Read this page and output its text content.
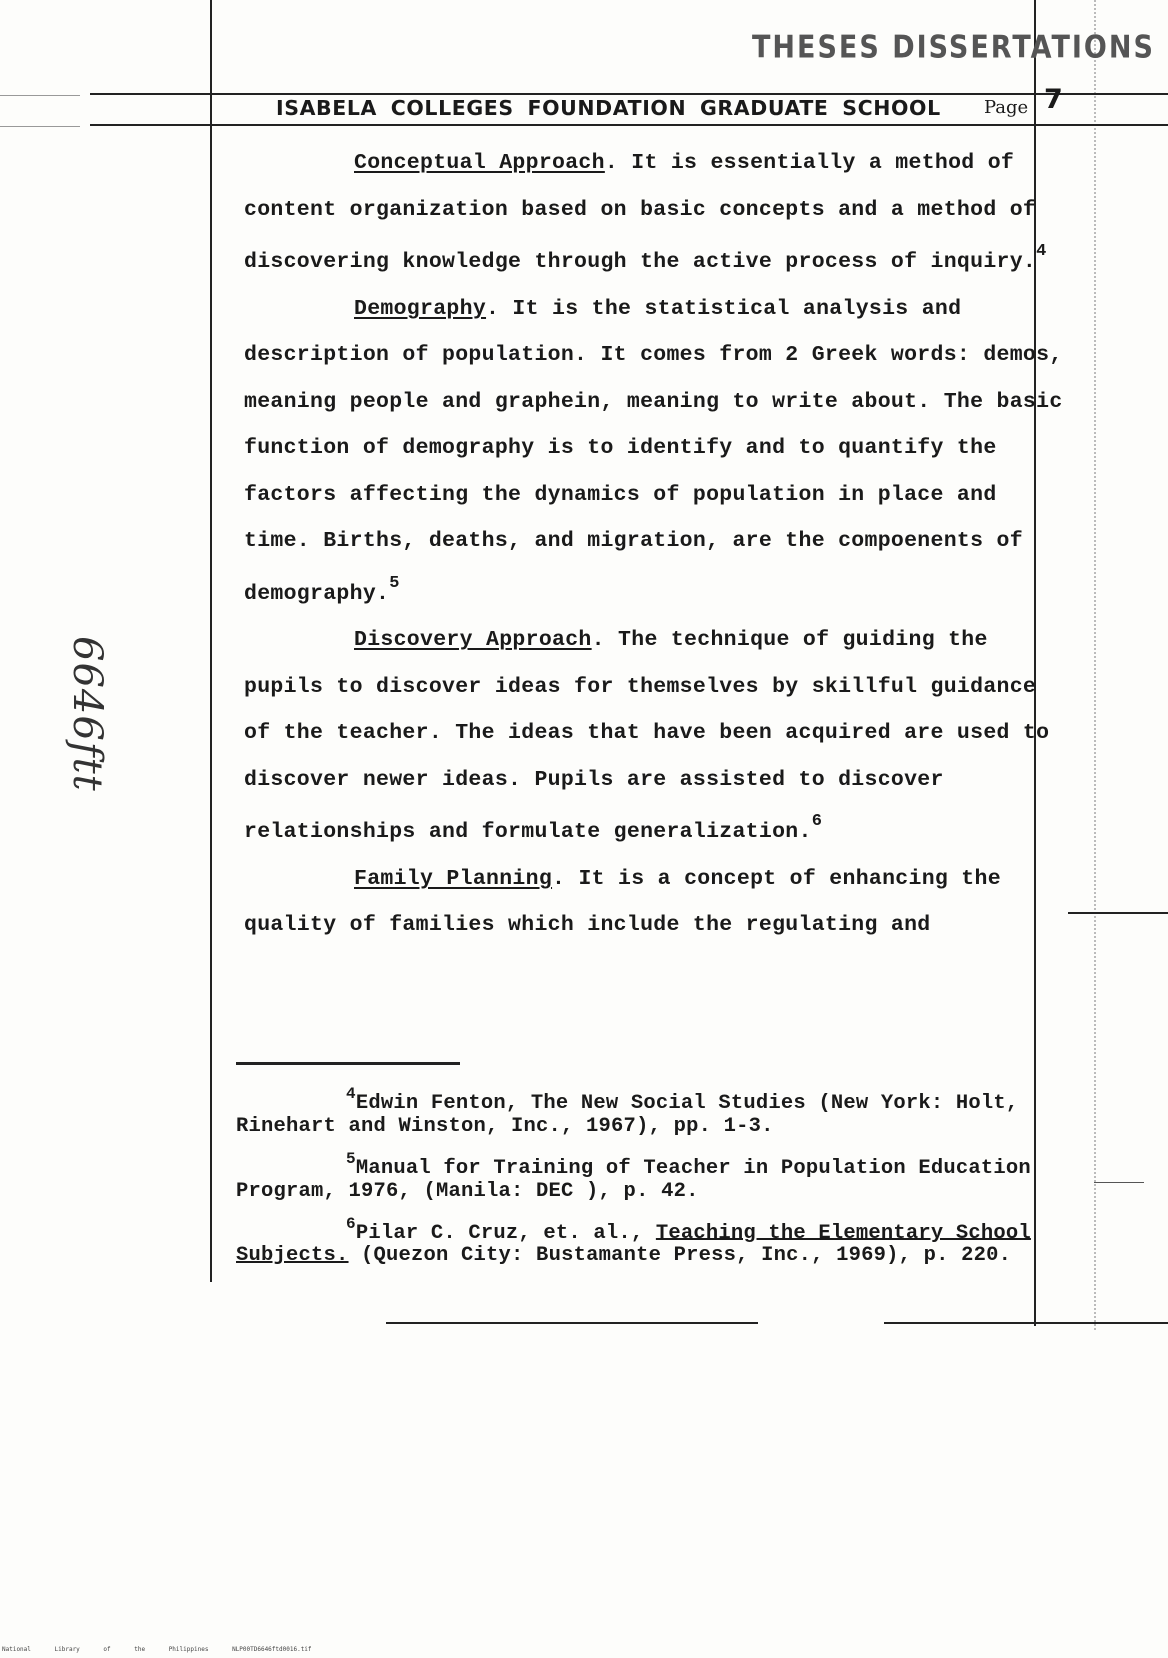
THESES DISSERTATIONS
ISABELA COLLEGES FOUNDATION GRADUATE SCHOOL Page 7
6646ftt

Conceptual Approach. It is essentially a method of content organization based on basic concepts and a method of discovering knowledge through the active process of inquiry.$^4$

Demography. It is the statistical analysis and description of population. It comes from 2 Greek words: demos, meaning people and graphein, meaning to write about. The basic function of demography is to identify and to quantify the factors affecting the dynamics of population in place and time. Births, deaths, and migration, are the compoenents of demography.$^5$

Discovery Approach. The technique of guiding the pupils to discover ideas for themselves by skillful guidance of the teacher. The ideas that have been acquired are used to discover newer ideas. Pupils are assisted to discover relationships and formulate generalization.$^6$

Family Planning. It is a concept of enhancing the quality of families which include the regulating and

$^4$Edwin Fenton, The New Social Studies (New York: Holt, Rinehart and Winston, Inc., 1967), pp. 1-3.

$^5$Manual for Training of Teacher in Population Education Program, 1976, (Manila: DEC ), p. 42.

$^6$Pilar C. Cruz, et. al., Teaching the Elementary School Subjects. (Quezon City: Bustamante Press, Inc., 1969), p. 220.

National Library of the Philippines	NLP00TD6646ftd0016.tif
